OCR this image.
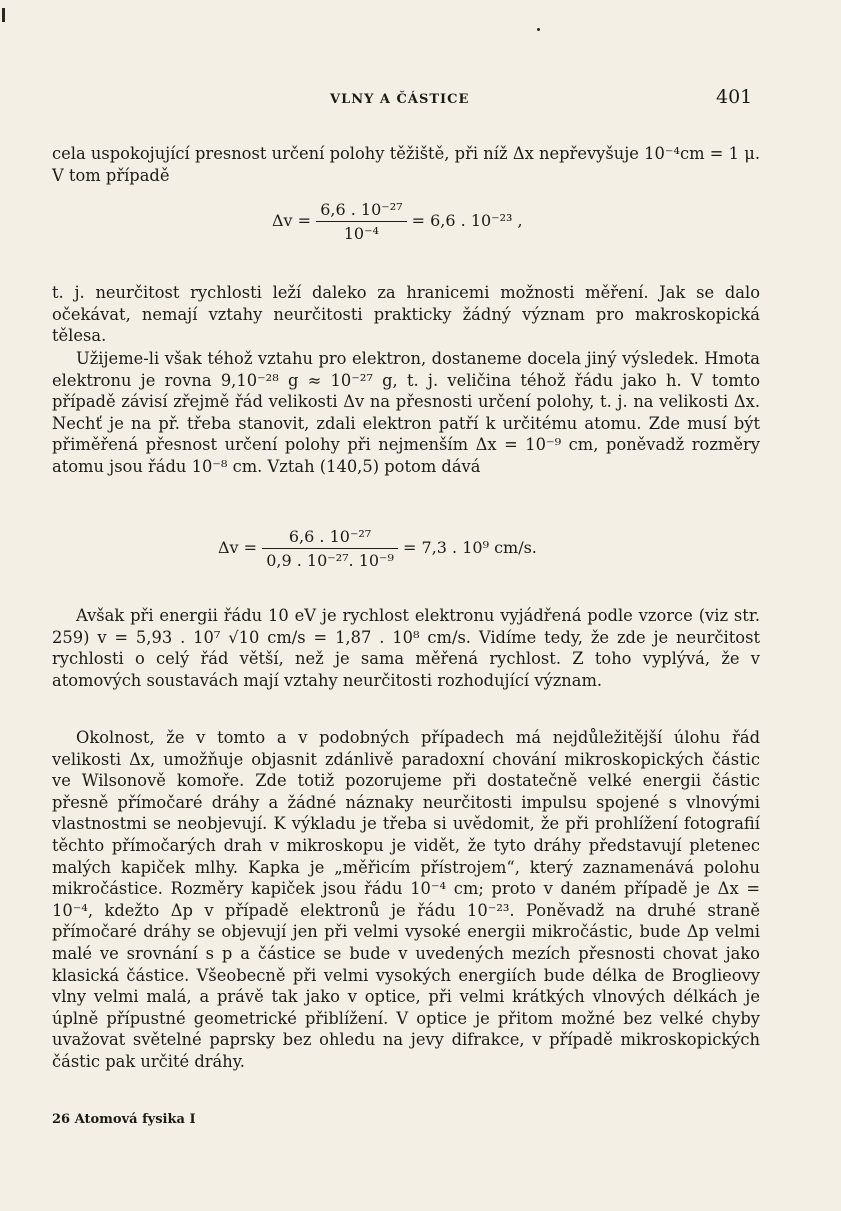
VLNY A ČÁSTICE	401

cela uspokojující presnost určení polohy těžiště, při níž Δx nepřevyšuje 10⁻⁴cm = 1 μ. V tom případě

$\Delta v = \frac{\text{6,6 . 10⁻²⁷}}{\text{10⁻⁴}} = 6,6$ . 10⁻²³ ,

t. j. neurčitost rychlosti leží daleko za hranicemi možnosti měření. Jak se dalo očekávat, nemají vztahy neurčitosti prakticky žádný význam pro makroskopická tělesa.

Užijeme-li však téhož vztahu pro elektron, dostaneme docela jiný výsledek. Hmota elektronu je rovna 9,10⁻²⁸ g ≈ 10⁻²⁷ g, t. j. veličina téhož řádu jako h. V tomto případě závisí zřejmě řád velikosti Δv na přesnosti určení polohy, t. j. na velikosti Δx. Nechť je na př. třeba stanovit, zdali elektron patří k určitému atomu. Zde musí být přiměřená přesnost určení polohy při nejmenším Δx = 10⁻⁹ cm, poněvadž rozměry atomu jsou řádu 10⁻⁸ cm. Vztah (140,5) potom dává

$\Delta v = \frac{\text{6,6 . 10⁻²⁷}}{\text{0,9 . 10⁻²⁷. 10⁻⁹}} = 7,3$ . 10⁹ cm/s.

Avšak při energii řádu 10 eV je rychlost elektronu vyjádřená podle vzorce (viz str. 259) v = 5,93 . 10⁷ √10 cm/s = 1,87 . 10⁸ cm/s. Vidíme tedy, že zde je neurčitost rychlosti o celý řád větší, než je sama měřená rychlost. Z toho vyplývá, že v atomových soustavách mají vztahy neurčitosti rozhodující význam.

Okolnost, že v tomto a v podobných případech má nejdůležitější úlohu řád velikosti Δx, umožňuje objasnit zdánlivě paradoxní chování mikroskopických částic ve Wilsonově komoře. Zde totiž pozorujeme při dostatečně velké energii částic přesně přímočaré dráhy a žádné náznaky neurčitosti impulsu spojené s vlnovými vlastnostmi se neobjevují. K výkladu je třeba si uvědomit, že při prohlížení fotografií těchto přímočarých drah v mikroskopu je vidět, že tyto dráhy představují pletenec malých kapiček mlhy. Kapka je „měřicím přístrojem“, který zaznamenává polohu mikročástice. Rozměry kapiček jsou řádu 10⁻⁴ cm; proto v daném případě je Δx = 10⁻⁴, kdežto Δp v případě elektronů je řádu 10⁻²³. Poněvadž na druhé straně přímočaré dráhy se objevují jen při velmi vysoké energii mikročástic, bude Δp velmi malé ve srovnání s p a částice se bude v uvedených mezích přesnosti chovat jako klasická částice. Všeobecně při velmi vysokých energiích bude délka de Broglieovy vlny velmi malá, a právě tak jako v optice, při velmi krátkých vlnových délkách je úplně přípustné geometrické přiblížení. V optice je přitom možné bez velké chyby uvažovat světelné paprsky bez ohledu na jevy difrakce, v případě mikroskopických částic pak určité dráhy.

26 Atomová fysika I
